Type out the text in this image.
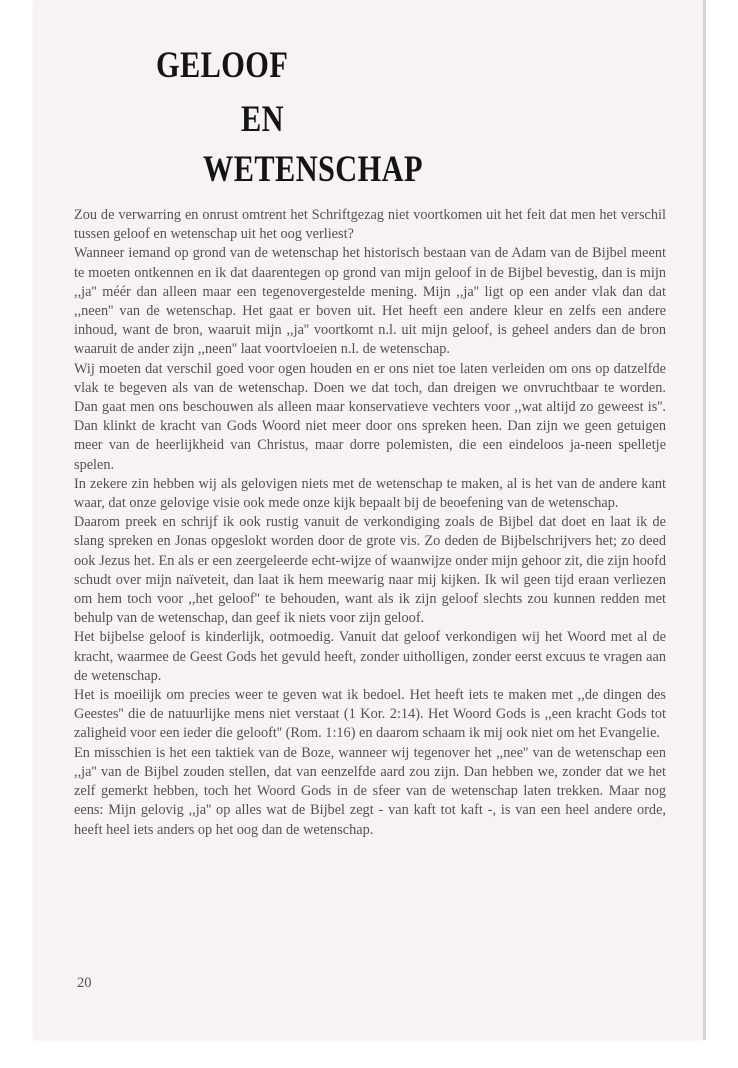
GELOOF
EN
WETENSCHAP

Zou de verwarring en onrust omtrent het Schriftgezag niet voortkomen uit het feit dat men het verschil tussen geloof en wetenschap uit het oog verliest?

Wanneer iemand op grond van de wetenschap het historisch bestaan van de Adam van de Bijbel meent te moeten ontkennen en ik dat daarentegen op grond van mijn geloof in de Bijbel bevestig, dan is mijn ,,ja'' méér dan alleen maar een tegenovergestelde mening. Mijn ,,ja'' ligt op een ander vlak dan dat ,,neen'' van de wetenschap. Het gaat er boven uit. Het heeft een andere kleur en zelfs een andere inhoud, want de bron, waaruit mijn ,,ja'' voortkomt n.l. uit mijn geloof, is geheel anders dan de bron waaruit de ander zijn ,,neen'' laat voortvloeien n.l. de wetenschap.

Wij moeten dat verschil goed voor ogen houden en er ons niet toe laten verleiden om ons op datzelfde vlak te begeven als van de wetenschap. Doen we dat toch, dan dreigen we onvruchtbaar te worden. Dan gaat men ons beschouwen als alleen maar konservatieve vechters voor ,,wat altijd zo geweest is''. Dan klinkt de kracht van Gods Woord niet meer door ons spreken heen. Dan zijn we geen getuigen meer van de heerlijkheid van Christus, maar dorre polemisten, die een eindeloos ja-neen spelletje spelen.

In zekere zin hebben wij als gelovigen niets met de wetenschap te maken, al is het van de andere kant waar, dat onze gelovige visie ook mede onze kijk bepaalt bij de beoefening van de wetenschap.

Daarom preek en schrijf ik ook rustig vanuit de verkondiging zoals de Bijbel dat doet en laat ik de slang spreken en Jonas opgeslokt worden door de grote vis. Zo deden de Bijbelschrijvers het; zo deed ook Jezus het. En als er een zeergeleerde echt-wijze of waanwijze onder mijn gehoor zit, die zijn hoofd schudt over mijn naïveteit, dan laat ik hem meewarig naar mij kijken. Ik wil geen tijd eraan verliezen om hem toch voor ,,het geloof'' te behouden, want als ik zijn geloof slechts zou kunnen redden met behulp van de wetenschap, dan geef ik niets voor zijn geloof.

Het bijbelse geloof is kinderlijk, ootmoedig. Vanuit dat geloof verkondigen wij het Woord met al de kracht, waarmee de Geest Gods het gevuld heeft, zonder uitholligen, zonder eerst excuus te vragen aan de wetenschap.

Het is moeilijk om precies weer te geven wat ik bedoel. Het heeft iets te maken met ,,de dingen des Geestes'' die de natuurlijke mens niet verstaat (1 Kor. 2:14). Het Woord Gods is ,,een kracht Gods tot zaligheid voor een ieder die gelooft'' (Rom. 1:16) en daarom schaam ik mij ook niet om het Evangelie.

En misschien is het een taktiek van de Boze, wanneer wij tegenover het ,,nee'' van de wetenschap een ,,ja'' van de Bijbel zouden stellen, dat van eenzelfde aard zou zijn. Dan hebben we, zonder dat we het zelf gemerkt hebben, toch het Woord Gods in de sfeer van de wetenschap laten trekken. Maar nog eens: Mijn gelovig ,,ja'' op alles wat de Bijbel zegt - van kaft tot kaft -, is van een heel andere orde, heeft heel iets anders op het oog dan de wetenschap.

20
